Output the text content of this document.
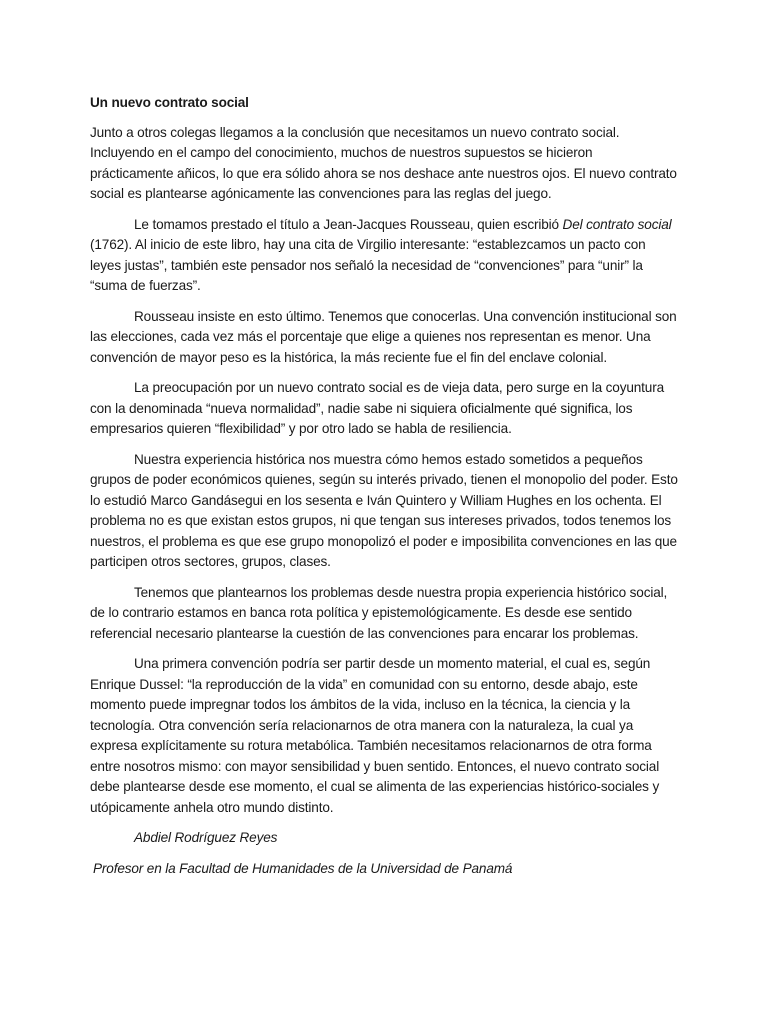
Un nuevo contrato social

Junto a otros colegas llegamos a la conclusión que necesitamos un nuevo contrato social. Incluyendo en el campo del conocimiento, muchos de nuestros supuestos se hicieron prácticamente añicos, lo que era sólido ahora se nos deshace ante nuestros ojos. El nuevo contrato social es plantearse agónicamente las convenciones para las reglas del juego.

Le tomamos prestado el título a Jean-Jacques Rousseau, quien escribió Del contrato social (1762). Al inicio de este libro, hay una cita de Virgilio interesante: “establezcamos un pacto con leyes justas”, también este pensador nos señaló la necesidad de “convenciones” para “unir” la “suma de fuerzas”.

Rousseau insiste en esto último. Tenemos que conocerlas. Una convención institucional son las elecciones, cada vez más el porcentaje que elige a quienes nos representan es menor. Una convención de mayor peso es la histórica, la más reciente fue el fin del enclave colonial.

La preocupación por un nuevo contrato social es de vieja data, pero surge en la coyuntura con la denominada “nueva normalidad”, nadie sabe ni siquiera oficialmente qué significa, los empresarios quieren “flexibilidad” y por otro lado se habla de resiliencia.

Nuestra experiencia histórica nos muestra cómo hemos estado sometidos a pequeños grupos de poder económicos quienes, según su interés privado, tienen el monopolio del poder. Esto lo estudió Marco Gandásegui en los sesenta e Iván Quintero y William Hughes en los ochenta. El problema no es que existan estos grupos, ni que tengan sus intereses privados, todos tenemos los nuestros, el problema es que ese grupo monopolizó el poder e imposibilita convenciones en las que participen otros sectores, grupos, clases.

Tenemos que plantearnos los problemas desde nuestra propia experiencia histórico social, de lo contrario estamos en banca rota política y epistemológicamente. Es desde ese sentido referencial necesario plantearse la cuestión de las convenciones para encarar los problemas.

Una primera convención podría ser partir desde un momento material, el cual es, según Enrique Dussel: “la reproducción de la vida” en comunidad con su entorno, desde abajo, este momento puede impregnar todos los ámbitos de la vida, incluso en la técnica, la ciencia y la tecnología. Otra convención sería relacionarnos de otra manera con la naturaleza, la cual ya expresa explícitamente su rotura metabólica. También necesitamos relacionarnos de otra forma entre nosotros mismo: con mayor sensibilidad y buen sentido. Entonces, el nuevo contrato social debe plantearse desde ese momento, el cual se alimenta de las experiencias histórico-sociales y utópicamente anhela otro mundo distinto.

Abdiel Rodríguez Reyes

Profesor en la Facultad de Humanidades de la Universidad de Panamá
